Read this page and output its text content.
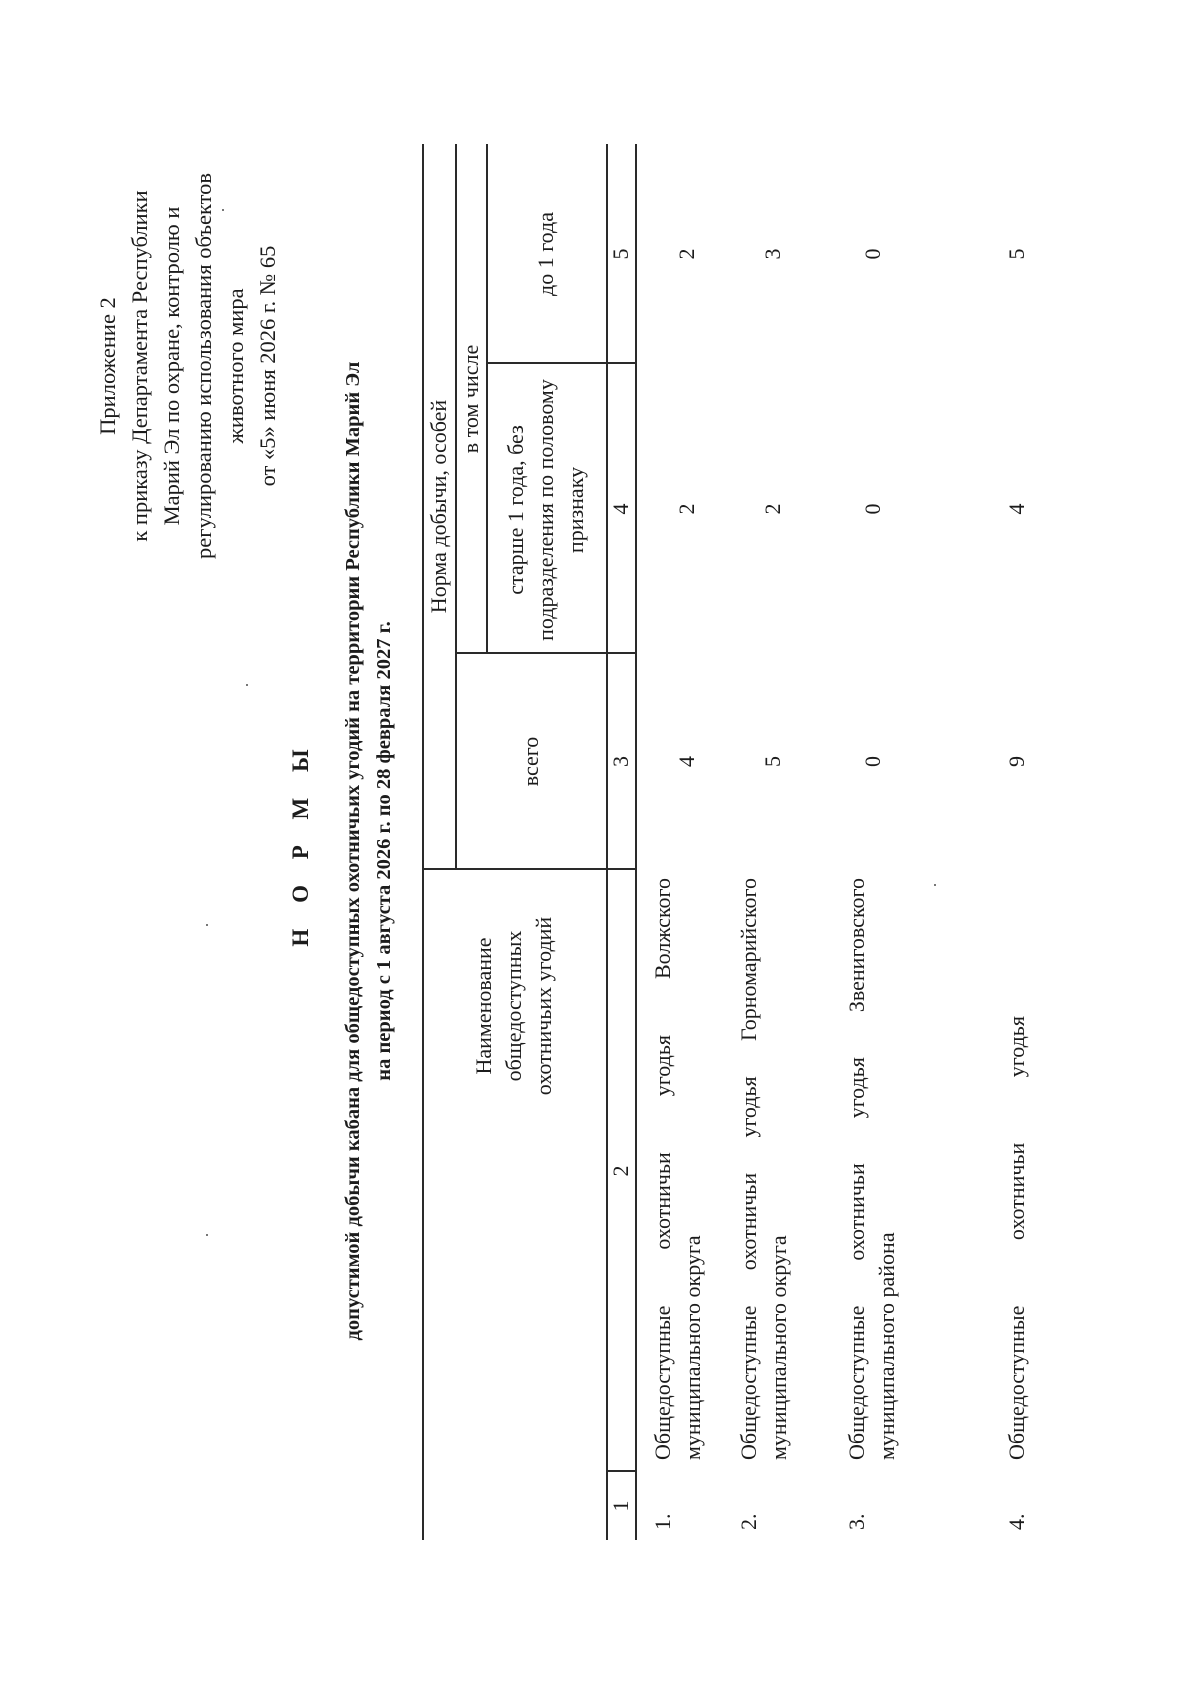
Приложение 2 к приказу Департамента Республики Марий Эл по охране, контролю и регулированию использования объектов животного мира от «5» июня 2026 г. № 65
Н О Р М Ы допустимой добычи кабана для общедоступных охотничьих угодий на территории Республики Марий Эл на период с 1 августа 2026 г. по 28 февраля 2027 г.	Наименование общедоступных охотничьих угодий
Норма добычи, особей
всего
в том числе
старше 1 года, без подразделения по половому признаку
до 1 года
1
2
3
4
5
1.
Общедоступные охотничьи угодья Волжского муниципального округа
4
2
2
2.
Общедоступные охотничьи угодья Горномарийского муниципального округа
5
2
3
3.
Общедоступные охотничьи угодья Звениговского муниципального района
0
0
0
4.
Общедоступные охотничьи угодья
9
4
5
